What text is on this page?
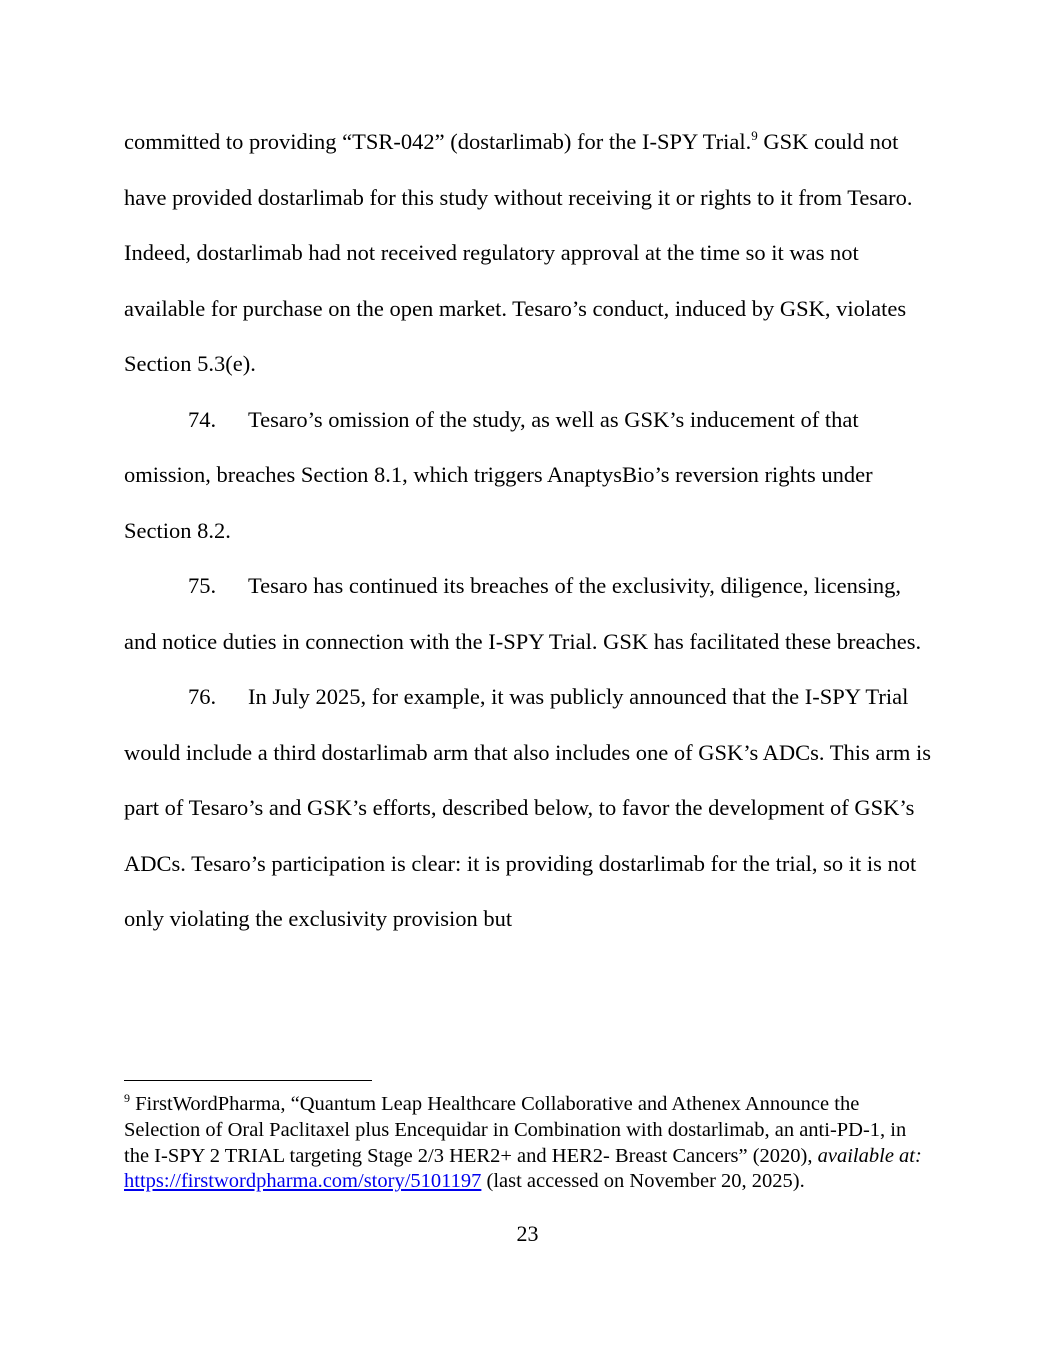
committed to providing “TSR-042” (dostarlimab) for the I-SPY Trial.$^9$ GSK could not have provided dostarlimab for this study without receiving it or rights to it from Tesaro. Indeed, dostarlimab had not received regulatory approval at the time so it was not available for purchase on the open market. Tesaro’s conduct, induced by GSK, violates Section 5.3(e).

74. Tesaro’s omission of the study, as well as GSK’s inducement of that omission, breaches Section 8.1, which triggers AnaptysBio’s reversion rights under Section 8.2.

75. Tesaro has continued its breaches of the exclusivity, diligence, licensing, and notice duties in connection with the I-SPY Trial. GSK has facilitated these breaches.

76. In July 2025, for example, it was publicly announced that the I-SPY Trial would include a third dostarlimab arm that also includes one of GSK’s ADCs. This arm is part of Tesaro’s and GSK’s efforts, described below, to favor the development of GSK’s ADCs. Tesaro’s participation is clear: it is providing dostarlimab for the trial, so it is not only violating the exclusivity provision but

$^9$ FirstWordPharma, “Quantum Leap Healthcare Collaborative and Athenex Announce the Selection of Oral Paclitaxel plus Encequidar in Combination with dostarlimab, an anti-PD-1, in the I-SPY 2 TRIAL targeting Stage 2/3 HER2+ and HER2- Breast Cancers” (2020), available at: https://firstwordpharma.com/story/5101197 (last accessed on November 20, 2025).

23
